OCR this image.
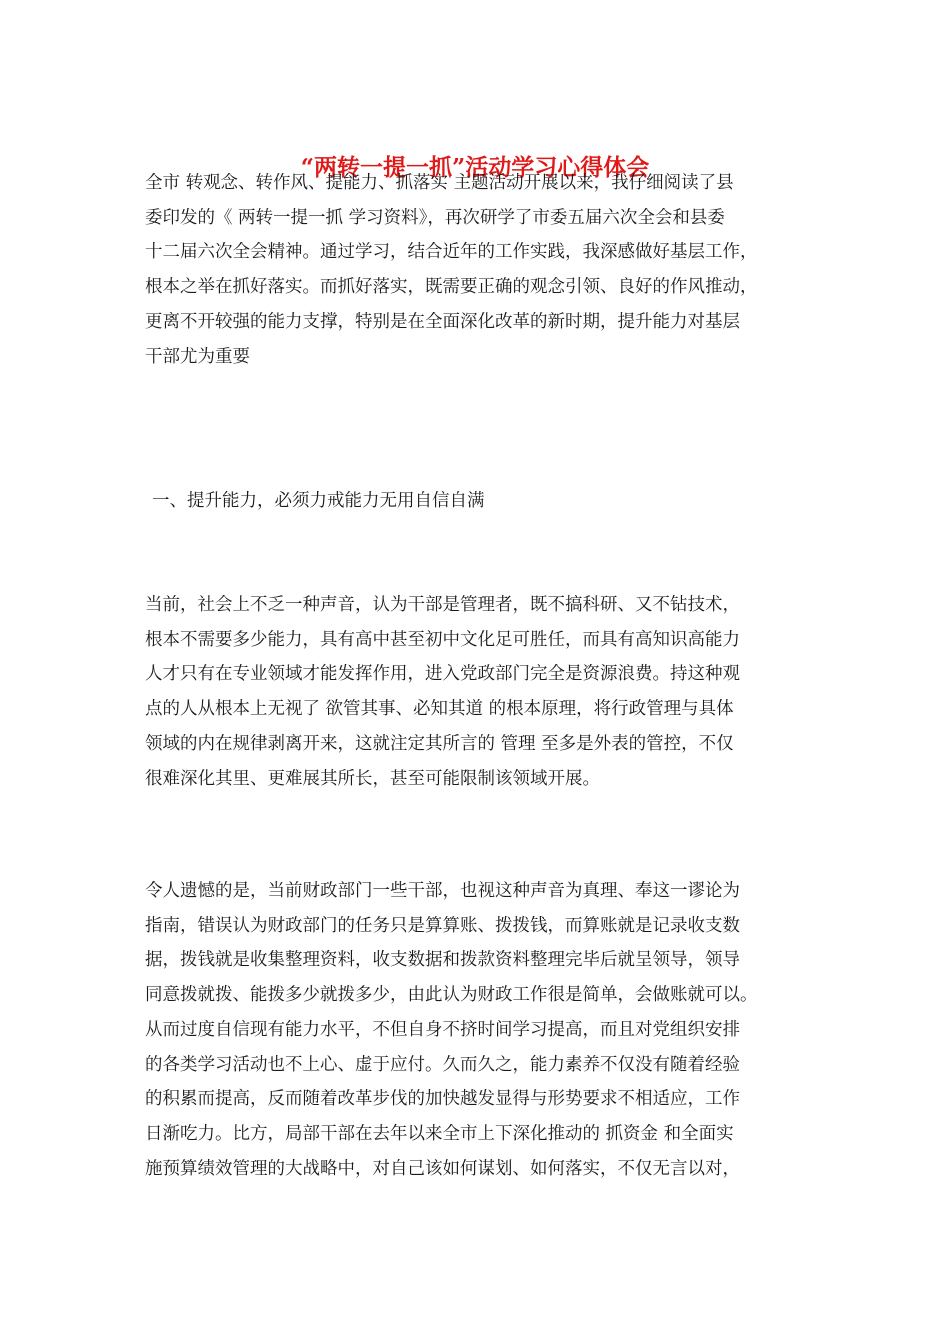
“两转一提一抓”活动学习心得体会
全市 转观念、转作风、提能力、抓落实 主题活动开展以来，我仔细阅读了县
委印发的《 两转一提一抓 学习资料》，再次研学了市委五届六次全会和县委
十二届六次全会精神。通过学习，结合近年的工作实践，我深感做好基层工作，
根本之举在抓好落实。而抓好落实，既需要正确的观念引领、良好的作风推动，
更离不开较强的能力支撑，特别是在全面深化改革的新时期，提升能力对基层
干部尤为重要
一、提升能力，必须力戒能力无用自信自满
当前，社会上不乏一种声音，认为干部是管理者，既不搞科研、又不钻技术，
根本不需要多少能力，具有高中甚至初中文化足可胜任，而具有高知识高能力
人才只有在专业领域才能发挥作用，进入党政部门完全是资源浪费。持这种观
点的人从根本上无视了 欲管其事、必知其道 的根本原理，将行政管理与具体
领域的内在规律剥离开来，这就注定其所言的 管理 至多是外表的管控，不仅
很难深化其里、更难展其所长，甚至可能限制该领域开展。
令人遗憾的是，当前财政部门一些干部，也视这种声音为真理、奉这一谬论为
指南，错误认为财政部门的任务只是算算账、拨拨钱，而算账就是记录收支数
据，拨钱就是收集整理资料，收支数据和拨款资料整理完毕后就呈领导，领导
同意拨就拨、能拨多少就拨多少，由此认为财政工作很是简单，会做账就可以。
从而过度自信现有能力水平，不但自身不挤时间学习提高，而且对党组织安排
的各类学习活动也不上心、虚于应付。久而久之，能力素养不仅没有随着经验
的积累而提高，反而随着改革步伐的加快越发显得与形势要求不相适应，工作
日渐吃力。比方，局部干部在去年以来全市上下深化推动的 抓资金 和全面实
施预算绩效管理的大战略中，对自己该如何谋划、如何落实，不仅无言以对，
